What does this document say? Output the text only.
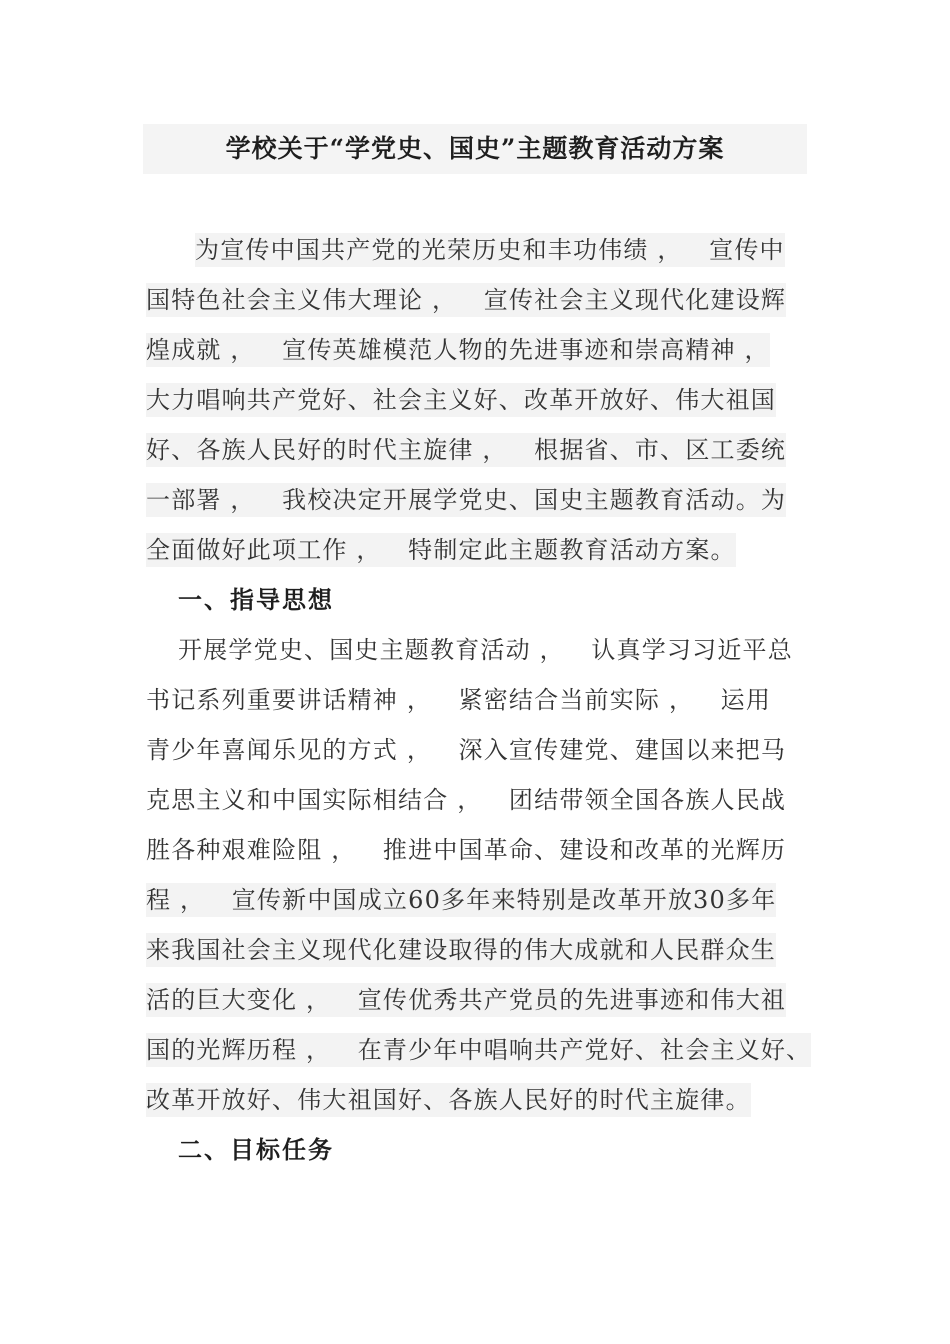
学校关于“学党史、国史”主题教育活动方案
为宣传中国共产党的光荣历史和丰功伟绩 ，   宣传中
国特色社会主义伟大理论 ，   宣传社会主义现代化建设辉
煌成就 ，   宣传英雄模范人物的先进事迹和崇高精神 ，
大力唱响共产党好、社会主义好、改革开放好、伟大祖国
好、各族人民好的时代主旋律 ，   根据省、市、区工委统
一部署 ，   我校决定开展学党史、国史主题教育活动。为
全面做好此项工作 ，   特制定此主题教育活动方案。
一、指导思想
开展学党史、国史主题教育活动 ，   认真学习习近平总
书记系列重要讲话精神 ，   紧密结合当前实际 ，   运用
青少年喜闻乐见的方式 ，   深入宣传建党、建国以来把马
克思主义和中国实际相结合 ，   团结带领全国各族人民战
胜各种艰难险阻 ，   推进中国革命、建设和改革的光辉历
程 ，   宣传新中国成立60多年来特别是改革开放30多年
来我国社会主义现代化建设取得的伟大成就和人民群众生
活的巨大变化 ，   宣传优秀共产党员的先进事迹和伟大祖
国的光辉历程 ，   在青少年中唱响共产党好、社会主义好、
改革开放好、伟大祖国好、各族人民好的时代主旋律。
二、目标任务
